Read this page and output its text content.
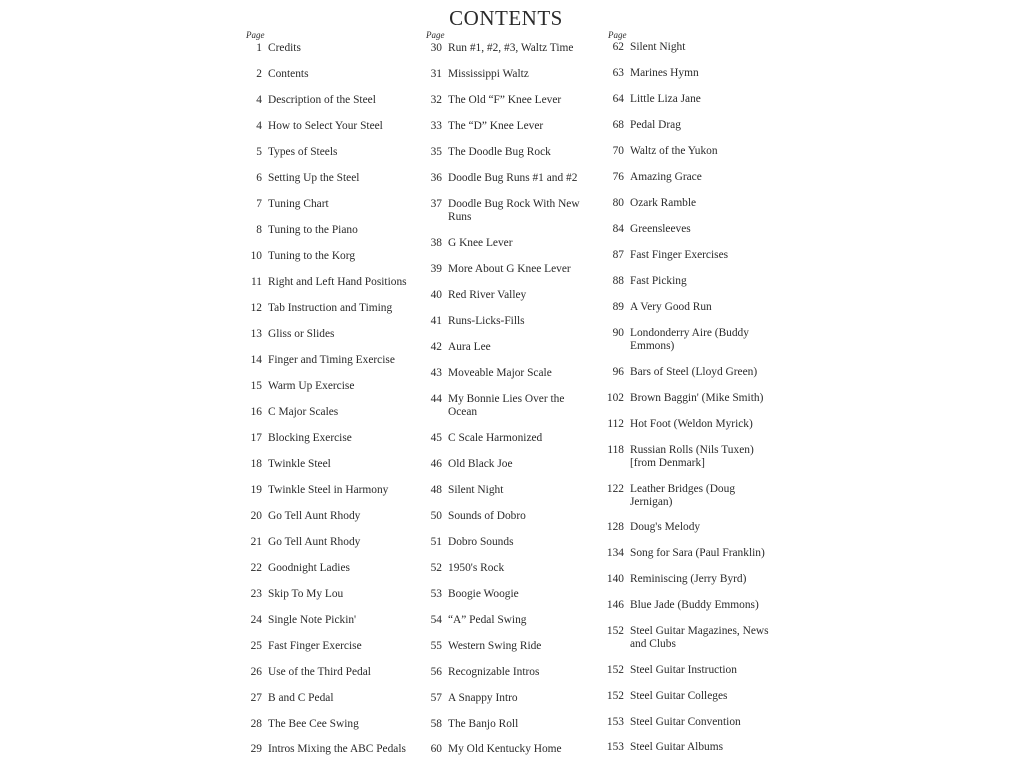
CONTENTS
Page
1 Credits
2 Contents
4 Description of the Steel
4 How to Select Your Steel
5 Types of Steels
6 Setting Up the Steel
7 Tuning Chart
8 Tuning to the Piano
10 Tuning to the Korg
11 Right and Left Hand Positions
12 Tab Instruction and Timing
13 Gliss or Slides
14 Finger and Timing Exercise
15 Warm Up Exercise
16 C Major Scales
17 Blocking Exercise
18 Twinkle Steel
19 Twinkle Steel in Harmony
20 Go Tell Aunt Rhody
21 Go Tell Aunt Rhody
22 Goodnight Ladies
23 Skip To My Lou
24 Single Note Pickin'
25 Fast Finger Exercise
26 Use of the Third Pedal
27 B and C Pedal
28 The Bee Cee Swing
29 Intros Mixing the ABC Pedals
Page
30 Run #1, #2, #3, Waltz Time
31 Mississippi Waltz
32 The Old “F” Knee Lever
33 The “D” Knee Lever
35 The Doodle Bug Rock
36 Doodle Bug Runs #1 and #2
37 Doodle Bug Rock With New Runs
38 G Knee Lever
39 More About G Knee Lever
40 Red River Valley
41 Runs-Licks-Fills
42 Aura Lee
43 Moveable Major Scale
44 My Bonnie Lies Over the Ocean
45 C Scale Harmonized
46 Old Black Joe
48 Silent Night
50 Sounds of Dobro
51 Dobro Sounds
52 1950's Rock
53 Boogie Woogie
54 “A” Pedal Swing
55 Western Swing Ride
56 Recognizable Intros
57 A Snappy Intro
58 The Banjo Roll
60 My Old Kentucky Home
Page
62 Silent Night
63 Marines Hymn
64 Little Liza Jane
68 Pedal Drag
70 Waltz of the Yukon
76 Amazing Grace
80 Ozark Ramble
84 Greensleeves
87 Fast Finger Exercises
88 Fast Picking
89 A Very Good Run
90 Londonderry Aire (Buddy Emmons)
96 Bars of Steel (Lloyd Green)
102 Brown Baggin' (Mike Smith)
112 Hot Foot (Weldon Myrick)
118 Russian Rolls (Nils Tuxen) [from Denmark]
122 Leather Bridges (Doug Jernigan)
128 Doug's Melody
134 Song for Sara (Paul Franklin)
140 Reminiscing (Jerry Byrd)
146 Blue Jade (Buddy Emmons)
152 Steel Guitar Magazines, News and Clubs
152 Steel Guitar Instruction
152 Steel Guitar Colleges
153 Steel Guitar Convention
153 Steel Guitar Albums
